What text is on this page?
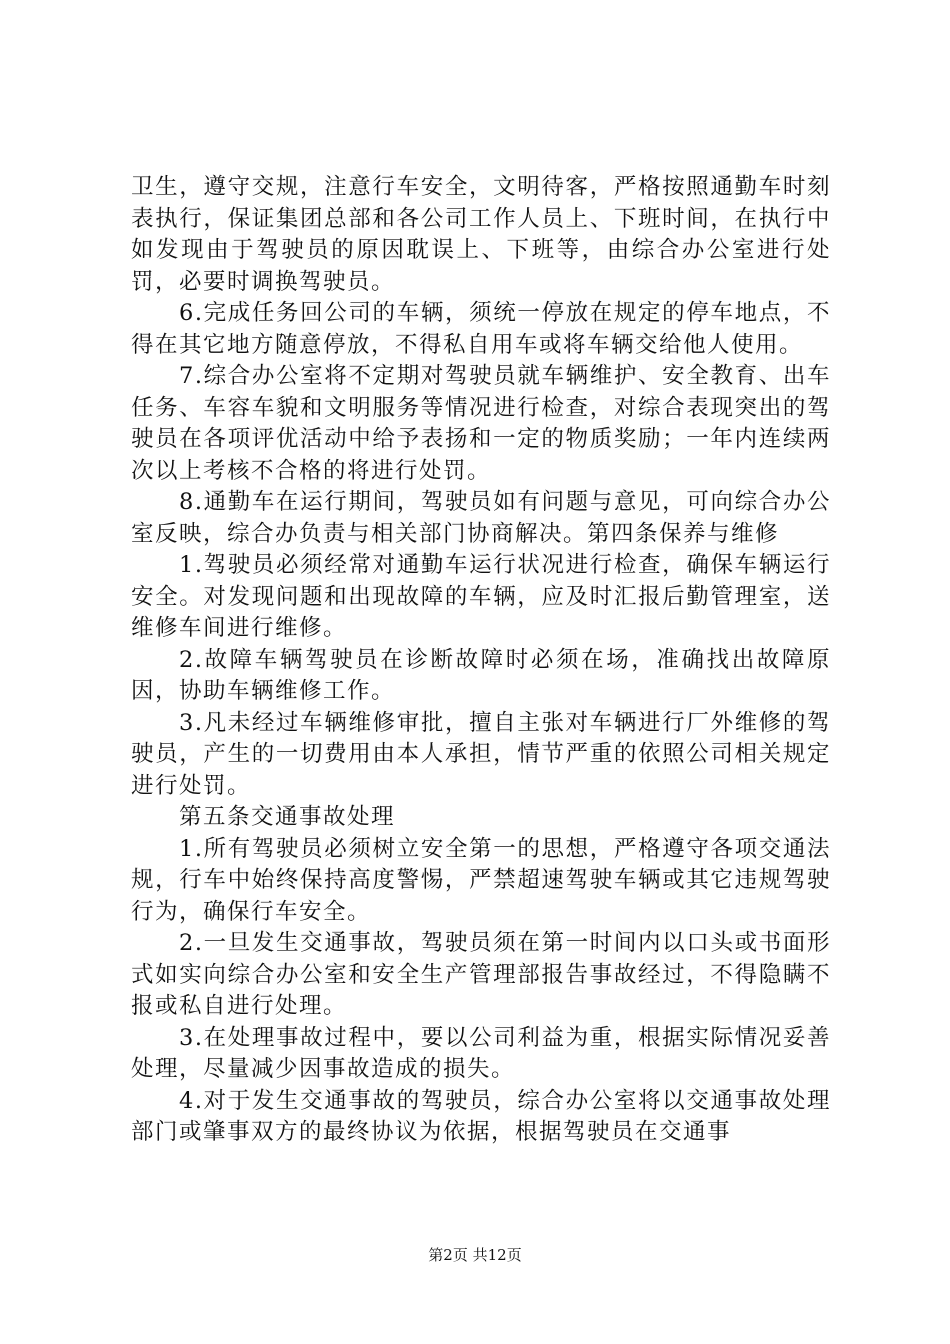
卫生，遵守交规，注意行车安全，文明待客，严格按照通勤车时刻表执行，保证集团总部和各公司工作人员上、下班时间，在执行中如发现由于驾驶员的原因耽误上、下班等，由综合办公室进行处罚，必要时调换驾驶员。

6.完成任务回公司的车辆，须统一停放在规定的停车地点，不得在其它地方随意停放，不得私自用车或将车辆交给他人使用。

7.综合办公室将不定期对驾驶员就车辆维护、安全教育、出车任务、车容车貌和文明服务等情况进行检查，对综合表现突出的驾驶员在各项评优活动中给予表扬和一定的物质奖励；一年内连续两次以上考核不合格的将进行处罚。

8.通勤车在运行期间，驾驶员如有问题与意见，可向综合办公室反映，综合办负责与相关部门协商解决。第四条保养与维修

1.驾驶员必须经常对通勤车运行状况进行检查，确保车辆运行安全。对发现问题和出现故障的车辆，应及时汇报后勤管理室，送维修车间进行维修。

2.故障车辆驾驶员在诊断故障时必须在场，准确找出故障原因，协助车辆维修工作。

3.凡未经过车辆维修审批，擅自主张对车辆进行厂外维修的驾驶员，产生的一切费用由本人承担，情节严重的依照公司相关规定进行处罚。

第五条交通事故处理

1.所有驾驶员必须树立安全第一的思想，严格遵守各项交通法规，行车中始终保持高度警惕，严禁超速驾驶车辆或其它违规驾驶行为，确保行车安全。

2.一旦发生交通事故，驾驶员须在第一时间内以口头或书面形式如实向综合办公室和安全生产管理部报告事故经过，不得隐瞒不报或私自进行处理。

3.在处理事故过程中，要以公司利益为重，根据实际情况妥善处理，尽量减少因事故造成的损失。

4.对于发生交通事故的驾驶员，综合办公室将以交通事故处理部门或肇事双方的最终协议为依据，根据驾驶员在交通事

第2页 共12页
